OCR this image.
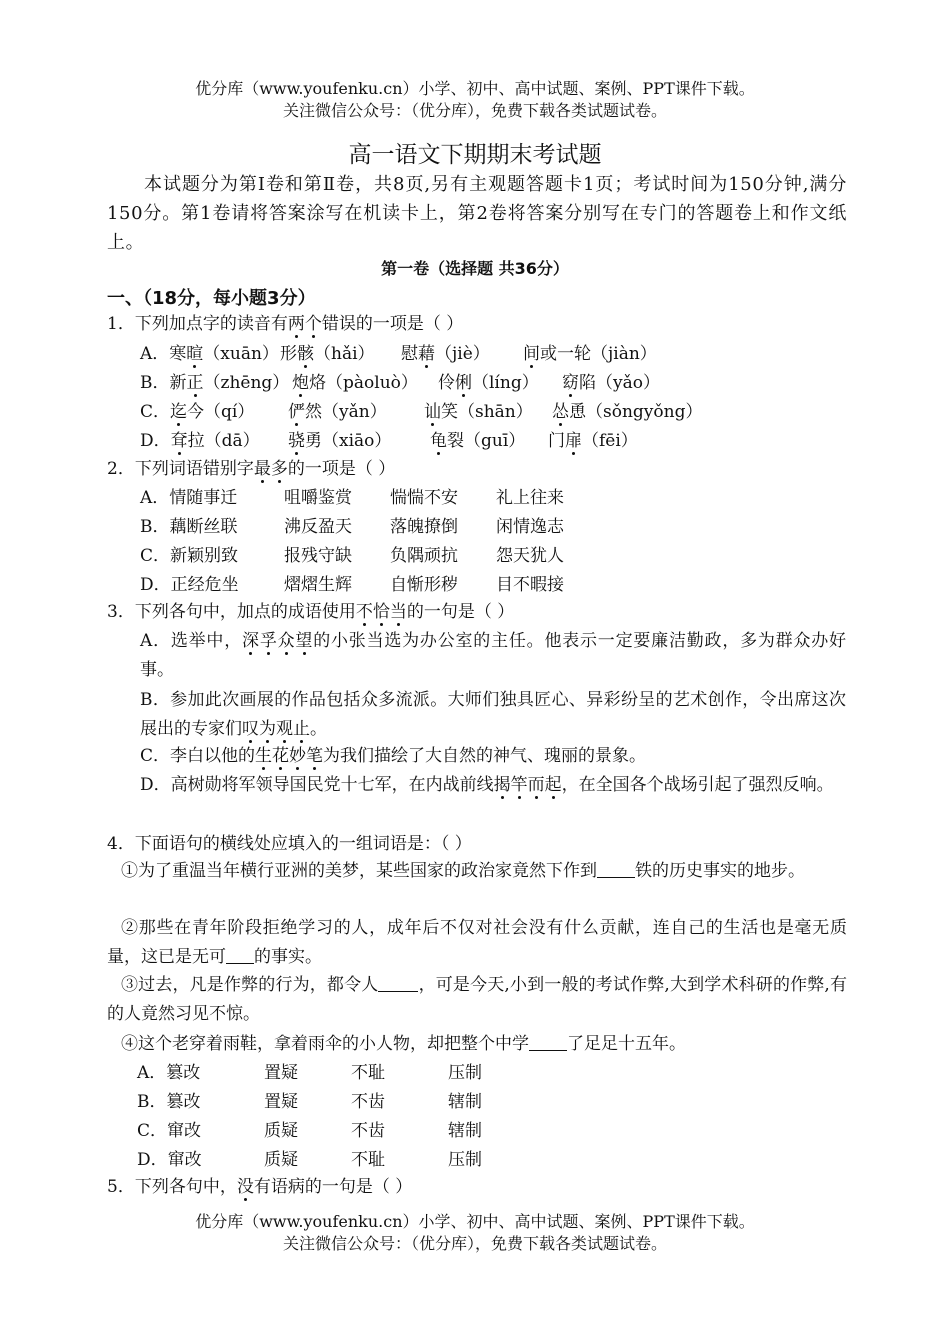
优分库（www.youfenku.cn）小学、初中、高中试题、案例、PPT课件下载。
关注微信公众号：（优分库），免费下载各类试题试卷。
高一语文下期期末考试题
本试题分为第Ⅰ卷和第Ⅱ卷，共8页,另有主观题答题卡1页；考试时间为150分钟,满分150分。第1卷请将答案涂写在机读卡上，第2卷将答案分别写在专门的答题卷上和作文纸上。
第一卷（选择题 共36分）
一、（18分，每小题3分）
1．下列加点字的读音有两个错误的一项是（ ）
A．寒暄（xuān）形骸（hǎi） 慰藉（jiè） 间或一轮（jiàn）
B．新正（zhēng） 炮烙（pàoluò） 伶俐（líng） 窈陷（yǎo）
C．迄今（qí） 俨然（yǎn） 讪笑（shān） 怂恿（sǒngyǒng）
D．耷拉（dā） 骁勇（xiāo） 龟裂（guī） 门扉（fēi）
2．下列词语错别字最多的一项是（ ）
A．情随事迁	咀嚼鉴赏 惴惴不安 礼上往来
B．藕断丝联	沸反盈天 落魄撩倒 闲情逸志
C．新颖别致	报残守缺 负隅顽抗 怨天犹人
D．正经危坐	熠熠生辉 自惭形秽 目不暇接
3．下列各句中，加点的成语使用不恰当的一句是（ ）
A．选举中，深孚众望的小张当选为办公室的主任。他表示一定要廉洁勤政，多为群众办好事。
B．参加此次画展的作品包括众多流派。大师们独具匠心、异彩纷呈的艺术创作，令出席这次展出的专家们叹为观止。
C．李白以他的生花妙笔为我们描绘了大自然的神气、瑰丽的景象。
D．高树勋将军领导国民党十七军，在内战前线揭竿而起，在全国各个战场引起了强烈反响。
4．下面语句的横线处应填入的一组词语是：（ ）
①为了重温当年横行亚洲的美梦，某些国家的政治家竟然下作到 铁的历史事实的地步。
②那些在青年阶段拒绝学习的人，成年后不仅对社会没有什么贡献，连自己的生活也是毫无质量，这已是无可 的事实。
③过去，凡是作弊的行为，都令人 ，可是今天,小到一般的考试作弊,大到学术科研的作弊,有的人竟然习见不惊。
④这个老穿着雨鞋，拿着雨伞的小人物，却把整个中学 了足足十五年。
A．篡改	置疑	不耻	压制
B．篡改	置疑	不齿	辖制
C．窜改	质疑	不齿	辖制
D．窜改	质疑	不耻	压制
5．下列各句中，没有语病的一句是（ ）
优分库（www.youfenku.cn）小学、初中、高中试题、案例、PPT课件下载。
关注微信公众号：（优分库），免费下载各类试题试卷。
